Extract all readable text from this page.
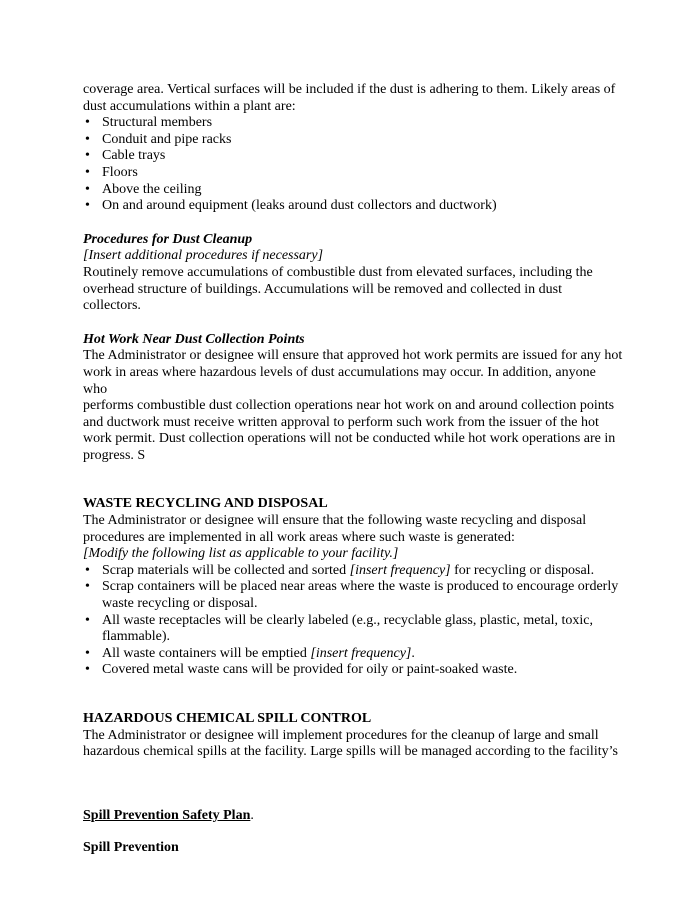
coverage area. Vertical surfaces will be included if the dust is adhering to them. Likely areas of

dust accumulations within a plant are:

• Structural members
• Conduit and pipe racks
• Cable trays
• Floors
• Above the ceiling
• On and around equipment (leaks around dust collectors and ductwork)

Procedures for Dust Cleanup

[Insert additional procedures if necessary]

Routinely remove accumulations of combustible dust from elevated surfaces, including the

overhead structure of buildings. Accumulations will be removed and collected in dust collectors.

Hot Work Near Dust Collection Points

The Administrator or designee will ensure that approved hot work permits are issued for any hot

work in areas where hazardous levels of dust accumulations may occur. In addition, anyone who

performs combustible dust collection operations near hot work on and around collection points

and ductwork must receive written approval to perform such work from the issuer of the hot

work permit. Dust collection operations will not be conducted while hot work operations are in

progress. S

WASTE RECYCLING AND DISPOSAL

The Administrator or designee will ensure that the following waste recycling and disposal

procedures are implemented in all work areas where such waste is generated:

[Modify the following list as applicable to your facility.]

• Scrap materials will be collected and sorted [insert frequency] for recycling or disposal.
• Scrap containers will be placed near areas where the waste is produced to encourage orderly
waste recycling or disposal.
• All waste receptacles will be clearly labeled (e.g., recyclable glass, plastic, metal, toxic,
flammable).
• All waste containers will be emptied [insert frequency].
• Covered metal waste cans will be provided for oily or paint-soaked waste.

HAZARDOUS CHEMICAL SPILL CONTROL

The Administrator or designee will implement procedures for the cleanup of large and small

hazardous chemical spills at the facility. Large spills will be managed according to the facility’s

Spill Prevention Safety Plan.

Spill Prevention
